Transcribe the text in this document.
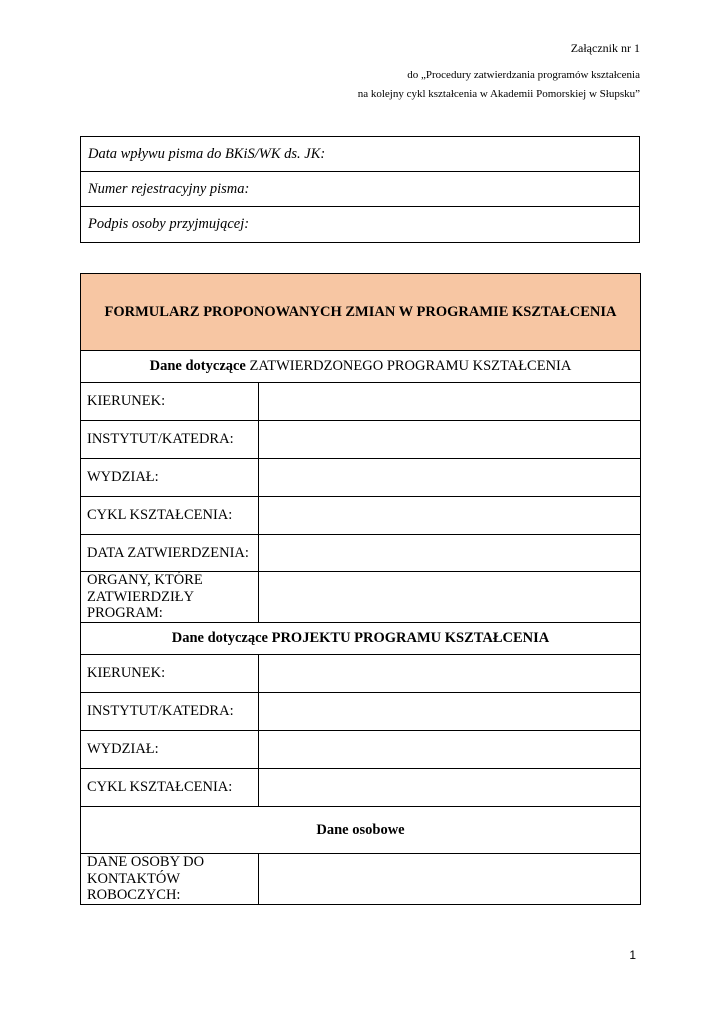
Załącznik nr 1
do „Procedury zatwierdzania programów kształcenia
na kolejny cykl kształcenia w Akademii Pomorskiej w Słupsku”
Data wpływu pisma do BKiS/WK ds. JK:
Numer rejestracyjny pisma:
Podpis osoby przyjmującej:
FORMULARZ PROPONOWANYCH ZMIAN W PROGRAMIE KSZTAŁCENIA	
Dane dotyczące ZATWIERDZONEGO PROGRAMU KSZTAŁCENIA	
KIERUNEK:	
INSTYTUT/KATEDRA:	
WYDZIAŁ:	
CYKL KSZTAŁCENIA:	
DATA ZATWIERDZENIA:	
ORGANY, KTÓRE ZATWIERDZIŁY PROGRAM:	
Dane dotyczące PROJEKTU PROGRAMU KSZTAŁCENIA	
KIERUNEK:	
INSTYTUT/KATEDRA:	
WYDZIAŁ:	
CYKL KSZTAŁCENIA:	
Dane osobowe	
DANE OSOBY DO KONTAKTÓW ROBOCZYCH:	
1
